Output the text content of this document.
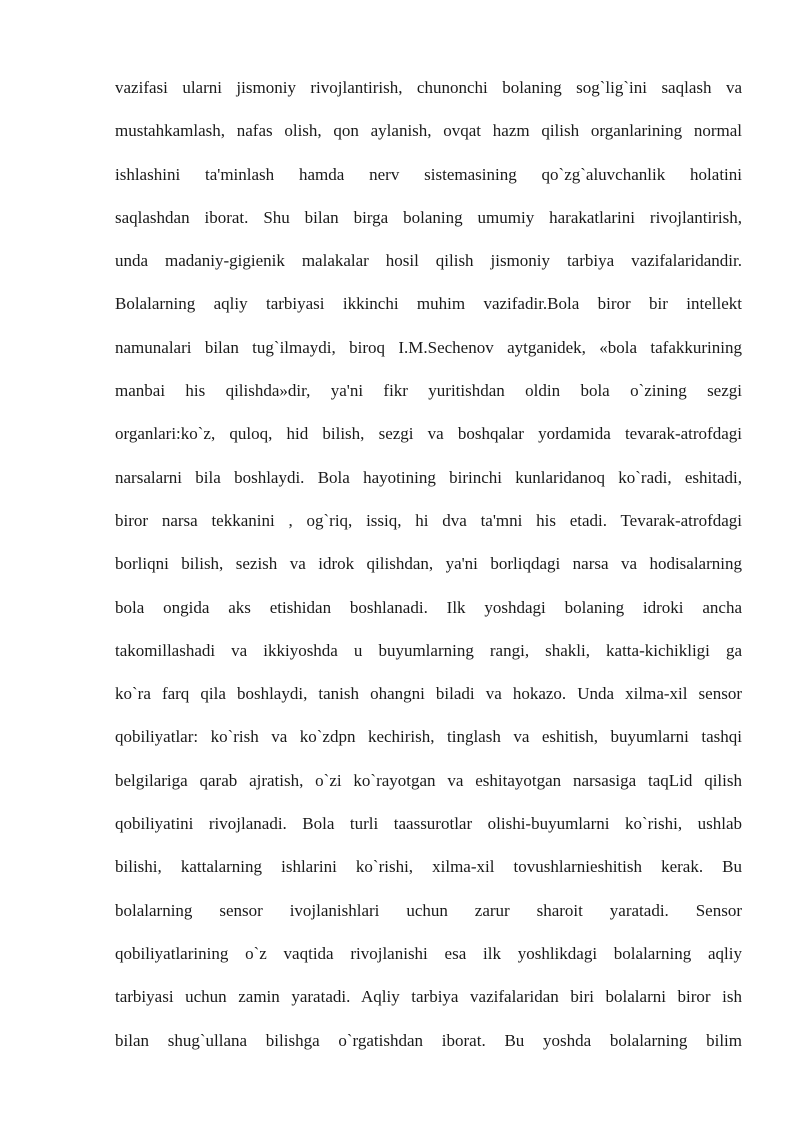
vazifasi ularni jismoniy rivojlantirish, chunonchi bolaning sog`lig`ini saqlash va
mustahkamlash, nafas olish, qon aylanish, ovqat hazm qilish organlarining normal
ishlashini ta'minlash hamda nerv sistemasining qo`zg`aluvchanlik holatini
saqlashdan iborat. Shu bilan birga bolaning umumiy harakatlarini rivojlantirish,
unda madaniy-gigienik malakalar hosil qilish jismoniy tarbiya vazifalaridandir.
Bolalarning aqliy tarbiyasi ikkinchi muhim vazifadir.Bola biror bir intellekt
namunalari bilan tug`ilmaydi, biroq I.M.Sechenov aytganidek, «bola tafakkurining
manbai his qilishda»dir, ya'ni fikr yuritishdan oldin bola o`zining sezgi
organlari:ko`z, quloq, hid bilish, sezgi va boshqalar yordamida tevarak-atrofdagi
narsalarni bila boshlaydi. Bola hayotining birinchi kunlaridanoq ko`radi, eshitadi,
biror narsa tekkanini , og`riq, issiq, hi dva ta'mni his etadi. Tevarak-atrofdagi
borliqni bilish, sezish va idrok qilishdan, ya'ni borliqdagi narsa va hodisalarning
bola ongida aks etishidan boshlanadi. Ilk yoshdagi bolaning idroki ancha
takomillashadi va ikkiyoshda u buyumlarning rangi, shakli, katta-kichikligi ga
ko`ra farq qila boshlaydi, tanish ohangni biladi va hokazo. Unda xilma-xil sensor
qobiliyatlar: ko`rish va ko`zdpn kechirish, tinglash va eshitish, buyumlarni tashqi
belgilariga qarab ajratish, o`zi ko`rayotgan va eshitayotgan narsasiga taqLid qilish
qobiliyatini rivojlanadi. Bola turli taassurotlar olishi-buyumlarni ko`rishi, ushlab
bilishi, kattalarning ishlarini ko`rishi, xilma-xil tovushlarnieshitish kerak. Bu
bolalarning sensor ivojlanishlari uchun zarur sharoit yaratadi. Sensor
qobiliyatlarining o`z vaqtida rivojlanishi esa ilk yoshlikdagi bolalarning aqliy
tarbiyasi uchun zamin yaratadi. Aqliy tarbiya vazifalaridan biri bolalarni biror ish
bilan shug`ullana bilishga o`rgatishdan iborat. Bu yoshda bolalarning bilim
